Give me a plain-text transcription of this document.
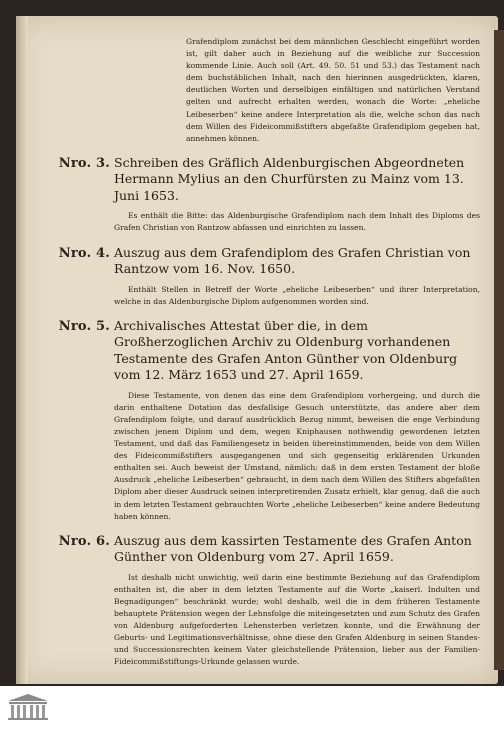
Grafendiplom zunächst bei dem männlichen Geschlecht eingeführt worden ist, gilt daher auch in Beziehung auf die weibliche zur Succession kommende Linie. Auch soll (Art. 49. 50. 51 und 53.) das Testament nach dem buchstäblichen Inhalt, nach den hierinnen ausgedrückten, klaren, deutlichen Worten und derselbigen einfältigen und natürlichen Verstand gelten und aufrecht erhalten werden, wonach die Worte: „eheliche Leibeserben“ keine andere Interpretation als die, welche schon das nach dem Willen des Fideicommißstifters abgefaßte Grafendiplom gegeben hat, annehmen können.

Nro. 3. Schreiben des Gräflich Aldenburgischen Abgeordneten Hermann Mylius an den Churfürsten zu Mainz vom 13. Juni 1653.

Es enthält die Bitte: das Aldenburgische Grafendiplom nach dem Inhalt des Diploms des Grafen Christian von Rantzow abfassen und einrichten zu lassen.

Nro. 4. Auszug aus dem Grafendiplom des Grafen Christian von Rantzow vom 16. Nov. 1650.

Enthält Stellen in Betreff der Worte „eheliche Leibeserben“ und ihrer Interpretation, welche in das Aldenburgische Diplom aufgenommen worden sind.

Nro. 5. Archivalisches Attestat über die, in dem Großherzoglichen Archiv zu Oldenburg vorhandenen Testamente des Grafen Anton Günther von Oldenburg vom 12. März 1653 und 27. April 1659.

Diese Testamente, von denen das eine dem Grafendiplom vorhergeing, und durch die darin enthaltene Dotation das desfallsige Gesuch unterstützte, das andere aber dem Grafendiplom folgte, und darauf ausdrücklich Bezug nimmt, beweisen die enge Verbindung zwischen jenem Diplom und dem, wegen Kniphausen nothwendig gewordenen letzten Testament, und daß das Familiengesetz in beiden übereinstimmenden, beide von dem Willen des Fideicommißstifters ausgegangenen und sich gegenseitig erklärenden Urkunden enthalten sei. Auch beweist der Umstand, nämlich: daß in dem ersten Testament der bloße Ausdruck „eheliche Leibeserben“ gebraucht, in dem nach dem Willen des Stifters abgefaßten Diplom aber dieser Ausdruck seinen interpretirenden Zusatz erhielt, klar genug, daß die auch in dem letzten Testament gebrauchten Worte „eheliche Leibeserben“ keine andere Bedeutung haben können.

Nro. 6. Auszug aus dem kassirten Testamente des Grafen Anton Günther von Oldenburg vom 27. April 1659.

Ist deshalb nicht unwichtig, weil darin eine bestimmte Beziehung auf das Grafendiplom enthalten ist, die aber in dem letzten Testamente auf die Worte „kaiserl. Indulten und Begnadigungen“ beschränkt wurde; wohl deshalb, weil die in dem früheren Testamente behauptete Prätension wegen der Lehnsfolge die miteingesetzten und zum Schutz des Grafen von Aldenburg aufgeforderten Lehensterben verletzen konnte, und die Erwähnung der Geburts- und Legitimationsverhältnisse, ohne diese den Grafen Aldenburg in seinen Standes- und Successionsrechten keinem Vater gleichstellende Prätension, lieber aus der Familien-Fideicommißstiftungs-Urkunde gelassen wurde.
